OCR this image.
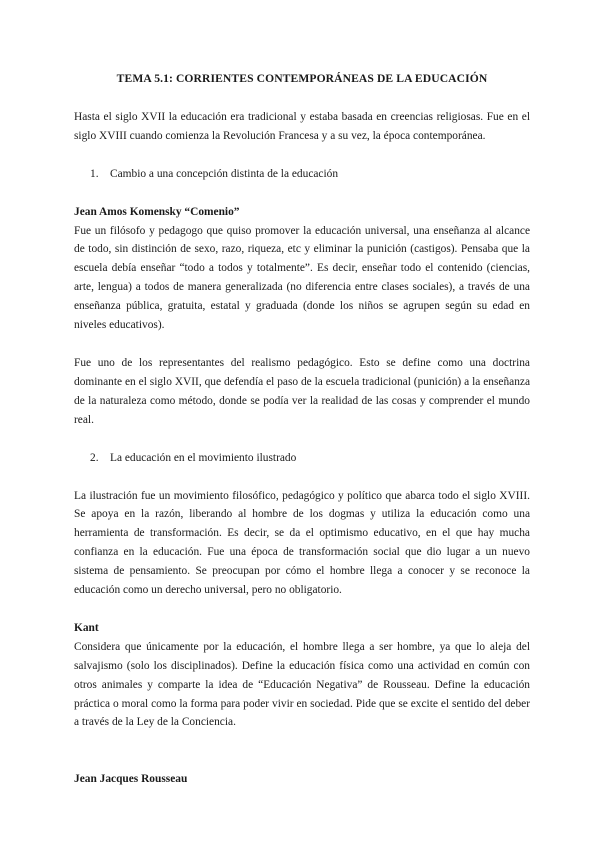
TEMA 5.1: CORRIENTES CONTEMPORÁNEAS DE LA EDUCACIÓN

Hasta el siglo XVII la educación era tradicional y estaba basada en creencias religiosas. Fue en el siglo XVIII cuando comienza la Revolución Francesa y a su vez, la época contemporánea.

1.	Cambio a una concepción distinta de la educación
Jean Amos Komensky “Comenio”

Fue un filósofo y pedagogo que quiso promover la educación universal, una enseñanza al alcance de todo, sin distinción de sexo, razo, riqueza, etc y eliminar la punición (castigos). Pensaba que la escuela debía enseñar “todo a todos y totalmente”. Es decir, enseñar todo el contenido (ciencias, arte, lengua) a todos de manera generalizada (no diferencia entre clases sociales), a través de una enseñanza pública, gratuita, estatal y graduada (donde los niños se agrupen según su edad en niveles educativos).

Fue uno de los representantes del realismo pedagógico. Esto se define como una doctrina dominante en el siglo XVII, que defendía el paso de la escuela tradicional (punición) a la enseñanza de la naturaleza como método, donde se podía ver la realidad de las cosas y comprender el mundo real.

2.	La educación en el movimiento ilustrado

La ilustración fue un movimiento filosófico, pedagógico y político que abarca todo el siglo XVIII. Se apoya en la razón, liberando al hombre de los dogmas y utiliza la educación como una herramienta de transformación. Es decir, se da el optimismo educativo, en el que hay mucha confianza en la educación. Fue una época de transformación social que dio lugar a un nuevo sistema de pensamiento. Se preocupan por cómo el hombre llega a conocer y se reconoce la educación como un derecho universal, pero no obligatorio.

Kant

Considera que únicamente por la educación, el hombre llega a ser hombre, ya que lo aleja del salvajismo (solo los disciplinados). Define la educación física como una actividad en común con otros animales y comparte la idea de “Educación Negativa” de Rousseau. Define la educación práctica o moral como la forma para poder vivir en sociedad. Pide que se excite el sentido del deber a través de la Ley de la Conciencia.

Jean Jacques Rousseau
